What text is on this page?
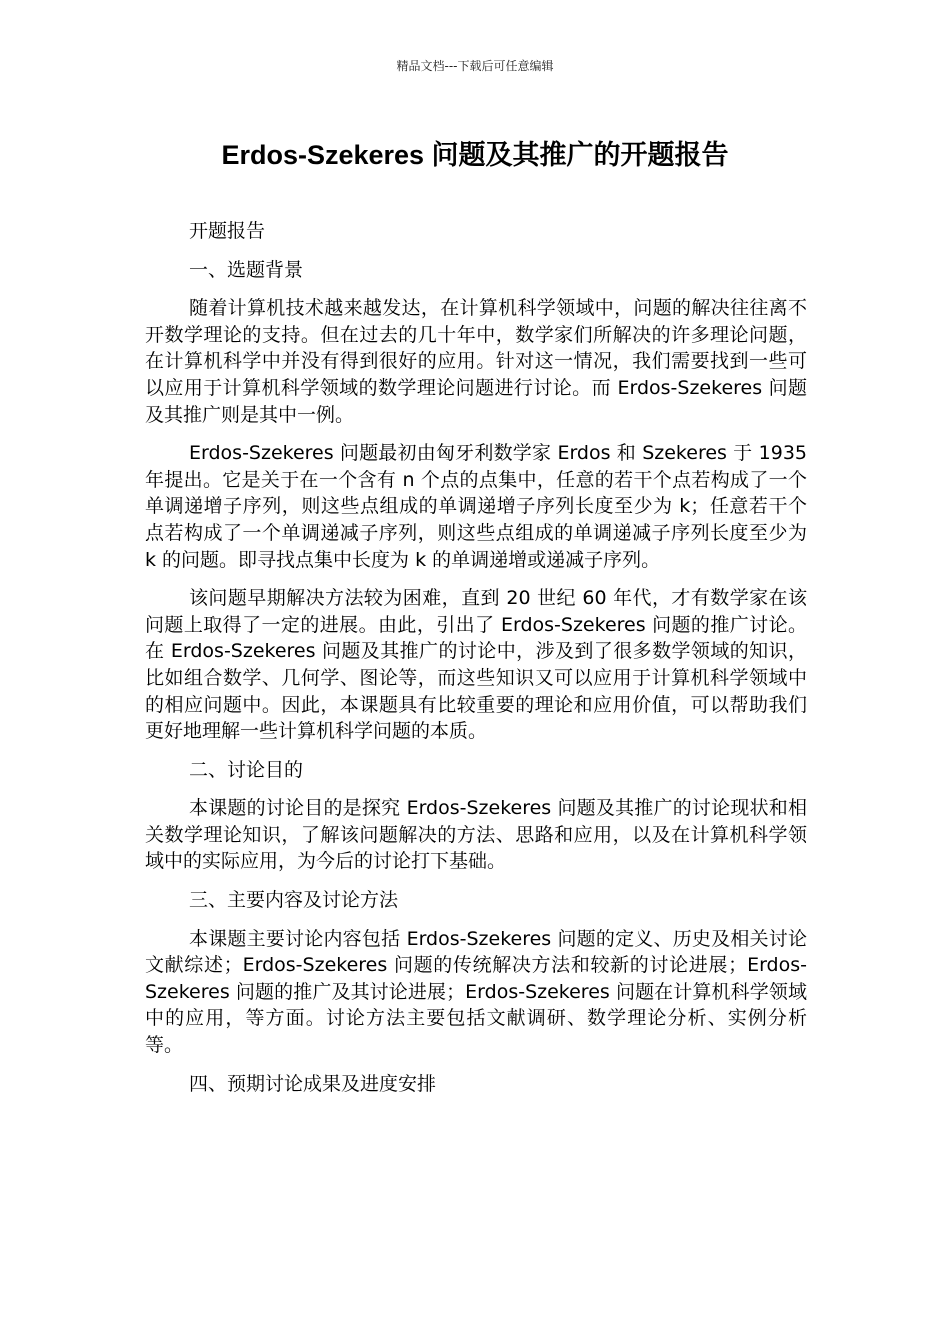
精品文档---下载后可任意编辑
Erdos-Szekeres 问题及其推广的开题报告

开题报告

一、选题背景

随着计算机技术越来越发达，在计算机科学领域中，问题的解决往往离不开数学理论的支持。但在过去的几十年中，数学家们所解决的许多理论问题，在计算机科学中并没有得到很好的应用。针对这一情况，我们需要找到一些可以应用于计算机科学领域的数学理论问题进行讨论。而 Erdos-Szekeres 问题及其推广则是其中一例。

Erdos-Szekeres 问题最初由匈牙利数学家 Erdos 和 Szekeres 于 1935 年提出。它是关于在一个含有 n 个点的点集中，任意的若干个点若构成了一个单调递增子序列，则这些点组成的单调递增子序列长度至少为 k；任意若干个点若构成了一个单调递减子序列，则这些点组成的单调递减子序列长度至少为 k 的问题。即寻找点集中长度为 k 的单调递增或递减子序列。

该问题早期解决方法较为困难，直到 20 世纪 60 年代，才有数学家在该问题上取得了一定的进展。由此，引出了 Erdos-Szekeres 问题的推广讨论。在 Erdos-Szekeres 问题及其推广的讨论中，涉及到了很多数学领域的知识，比如组合数学、几何学、图论等，而这些知识又可以应用于计算机科学领域中的相应问题中。因此，本课题具有比较重要的理论和应用价值，可以帮助我们更好地理解一些计算机科学问题的本质。

二、讨论目的

本课题的讨论目的是探究 Erdos-Szekeres 问题及其推广的讨论现状和相关数学理论知识，了解该问题解决的方法、思路和应用，以及在计算机科学领域中的实际应用，为今后的讨论打下基础。

三、主要内容及讨论方法

本课题主要讨论内容包括 Erdos-Szekeres 问题的定义、历史及相关讨论文献综述；Erdos-Szekeres 问题的传统解决方法和较新的讨论进展；Erdos-Szekeres 问题的推广及其讨论进展；Erdos-Szekeres 问题在计算机科学领域中的应用，等方面。讨论方法主要包括文献调研、数学理论分析、实例分析等。

四、预期讨论成果及进度安排
